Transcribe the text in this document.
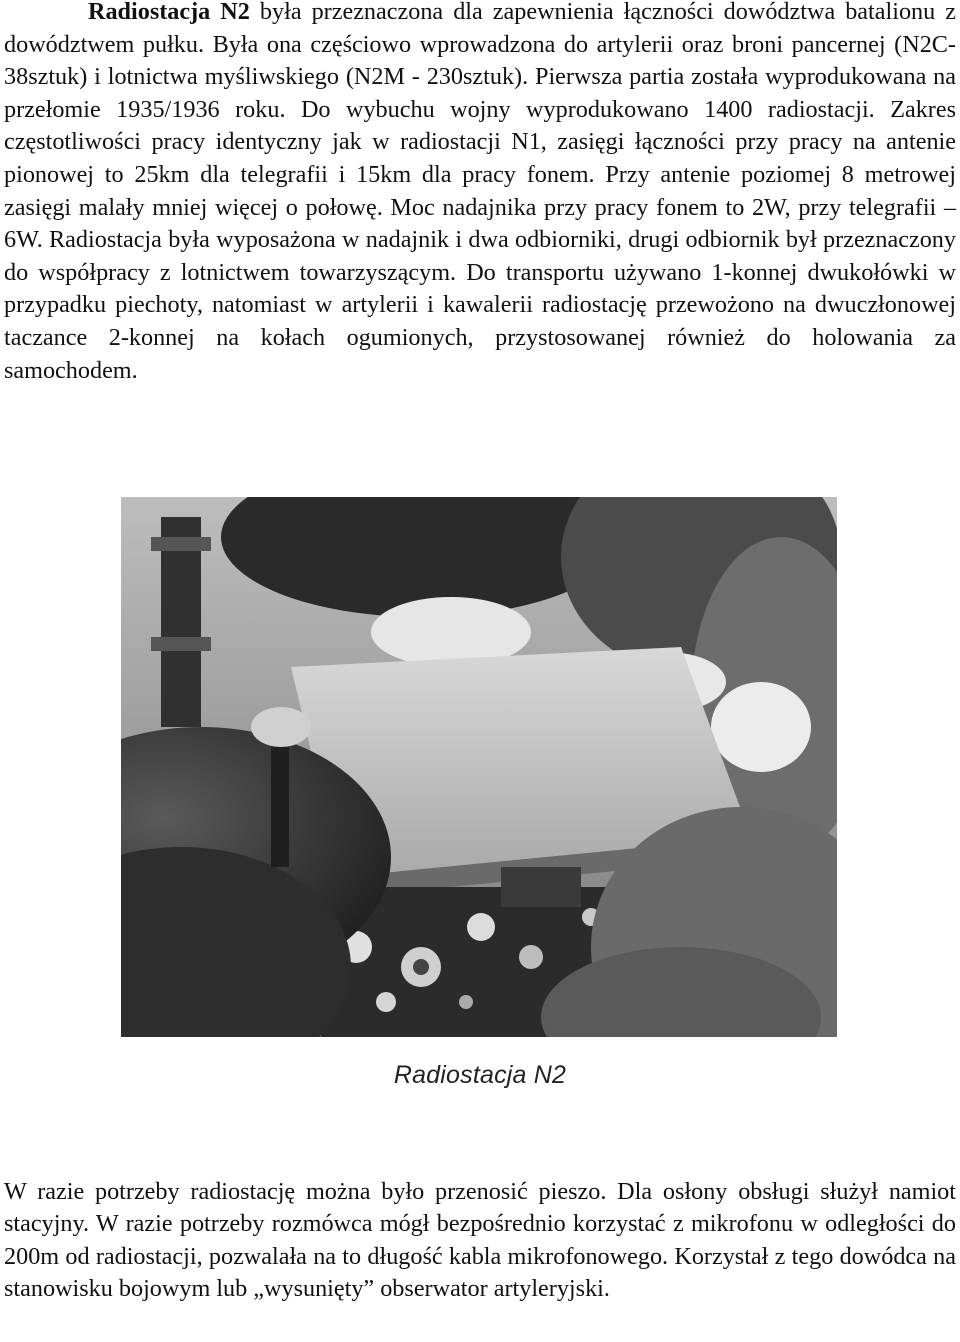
Radiostacja N2 była przeznaczona dla zapewnienia łączności dowództwa batalionu z dowództwem pułku. Była ona częściowo wprowadzona do artylerii oraz broni pancernej (N2C- 38sztuk) i lotnictwa myśliwskiego (N2M - 230sztuk). Pierwsza partia została wyprodukowana na przełomie 1935/1936 roku. Do wybuchu wojny wyprodukowano 1400 radiostacji. Zakres częstotliwości pracy identyczny jak w radiostacji N1, zasięgi łączności przy pracy na antenie pionowej to 25km dla telegrafii i 15km dla pracy fonem. Przy antenie poziomej 8 metrowej zasięgi malały mniej więcej o połowę. Moc nadajnika przy pracy fonem to 2W, przy telegrafii – 6W. Radiostacja była wyposażona w nadajnik i dwa odbiorniki, drugi odbiornik był przeznaczony do współpracy z lotnictwem towarzyszącym. Do transportu używano 1-konnej dwukołówki w przypadku piechoty, natomiast w artylerii i kawalerii radiostację przewożono na dwuczłonowej taczance 2-konnej na kołach ogumionych, przystosowanej również do holowania za samochodem.

Radiostacja N2

W razie potrzeby radiostację można było przenosić pieszo. Dla osłony obsługi służył namiot stacyjny. W razie potrzeby rozmówca mógł bezpośrednio korzystać z mikrofonu w odległości do 200m od radiostacji, pozwalała na to długość kabla mikrofonowego. Korzystał z tego dowódca na stanowisku bojowym lub „wysunięty” obserwator artyleryjski.
